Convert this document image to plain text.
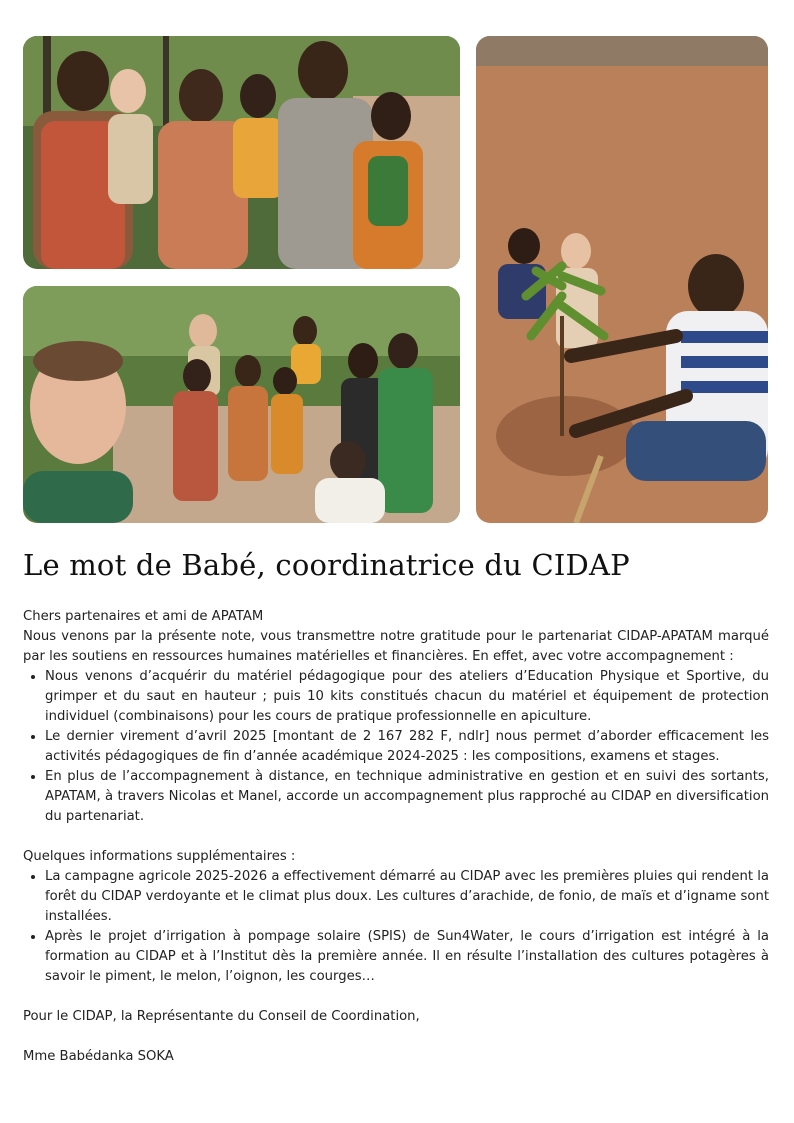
Le mot de Babé, coordinatrice du CIDAP

Chers partenaires et ami de APATAM

Nous venons par la présente note, vous transmettre notre gratitude pour le partenariat CIDAP-APATAM marqué par les soutiens en ressources humaines matérielles et financières. En effet, avec votre accompagnement :

• Nous venons d’acquérir du matériel pédagogique pour des ateliers d’Education Physique et Sportive, du grimper et du saut en hauteur ; puis 10 kits constitués chacun du matériel et équipement de protection individuel (combinaisons) pour les cours de pratique professionnelle en apiculture.
• Le dernier virement d’avril 2025 [montant de 2 167 282 F, ndlr] nous permet d’aborder efficacement les activités pédagogiques de fin d’année académique 2024-2025 : les compositions, examens et stages.
• En plus de l’accompagnement à distance, en technique administrative en gestion et en suivi des sortants, APATAM, à travers Nicolas et Manel, accorde un accompagnement plus rapproché au CIDAP en diversification du partenariat.

Quelques informations supplémentaires :

• La campagne agricole 2025-2026 a effectivement démarré au CIDAP avec les premières pluies qui rendent la forêt du CIDAP verdoyante et le climat plus doux. Les cultures d’arachide, de fonio, de maïs et d’igname sont installées.
• Après le projet d’irrigation à pompage solaire (SPIS) de Sun4Water, le cours d’irrigation est intégré à la formation au CIDAP et à l’Institut dès la première année. Il en résulte l’installation des cultures potagères à savoir le piment, le melon, l’oignon, les courges…

Pour le CIDAP, la Représentante du Conseil de Coordination,

Mme Babédanka SOKA
